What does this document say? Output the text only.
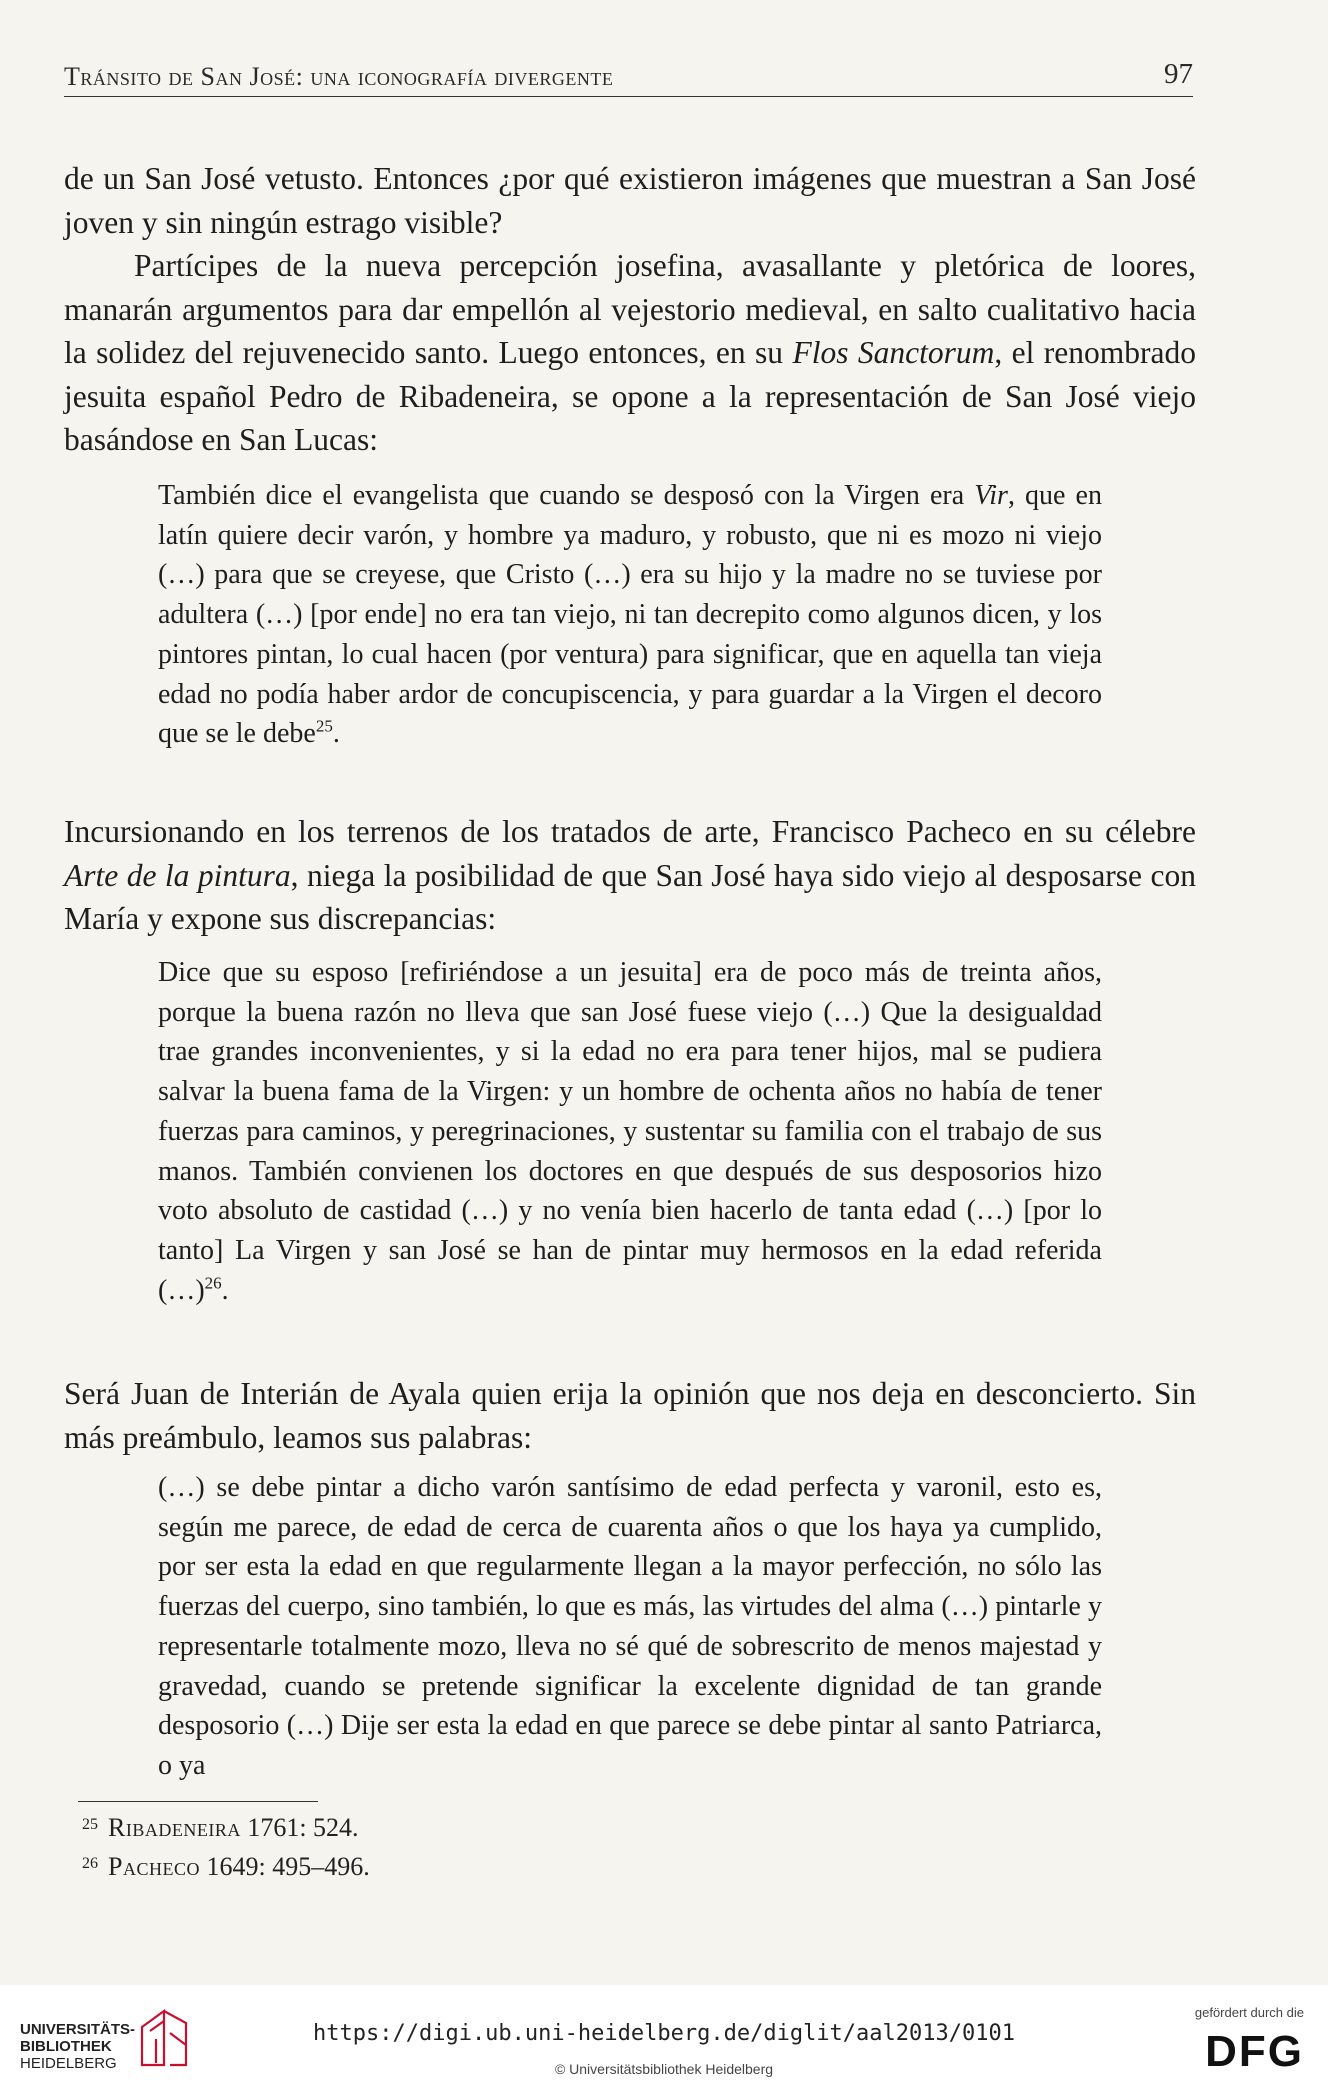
Tránsito de San José: una iconografía divergente	97

de un San José vetusto. Entonces ¿por qué existieron imágenes que muestran a San José joven y sin ningún estrago visible?

Partícipes de la nueva percepción josefina, avasallante y pletórica de loores, manarán argumentos para dar empellón al vejestorio medieval, en salto cualitativo hacia la solidez del rejuvenecido santo. Luego entonces, en su Flos Sanctorum, el renombrado jesuita español Pedro de Ribadeneira, se opone a la representación de San José viejo basándose en San Lucas:

También dice el evangelista que cuando se desposó con la Virgen era Vir, que en latín quiere decir varón, y hombre ya maduro, y robusto, que ni es mozo ni viejo (…) para que se creyese, que Cristo (…) era su hijo y la madre no se tuviese por adultera (…) [por ende] no era tan viejo, ni tan decrepito como algunos dicen, y los pintores pintan, lo cual hacen (por ventura) para significar, que en aquella tan vieja edad no podía haber ardor de concupiscencia, y para guardar a la Virgen el decoro que se le debe$^{25}$.

Incursionando en los terrenos de los tratados de arte, Francisco Pacheco en su célebre Arte de la pintura, niega la posibilidad de que San José haya sido viejo al desposarse con María y expone sus discrepancias:

Dice que su esposo [refiriéndose a un jesuita] era de poco más de treinta años, porque la buena razón no lleva que san José fuese viejo (…) Que la desigualdad trae grandes inconvenientes, y si la edad no era para tener hijos, mal se pudiera salvar la buena fama de la Virgen: y un hombre de ochenta años no había de tener fuerzas para caminos, y peregrinaciones, y sustentar su familia con el trabajo de sus manos. También convienen los doctores en que después de sus desposorios hizo voto absoluto de castidad (…) y no venía bien hacerlo de tanta edad (…) [por lo tanto] La Virgen y san José se han de pintar muy hermosos en la edad referida (…)$^{26}$.

Será Juan de Interián de Ayala quien erija la opinión que nos deja en desconcierto. Sin más preámbulo, leamos sus palabras:

(…) se debe pintar a dicho varón santísimo de edad perfecta y varonil, esto es, según me parece, de edad de cerca de cuarenta años o que los haya ya cumplido, por ser esta la edad en que regularmente llegan a la mayor perfección, no sólo las fuerzas del cuerpo, sino también, lo que es más, las virtudes del alma (…) pintarle y representarle totalmente mozo, lleva no sé qué de sobrescrito de menos majestad y gravedad, cuando se pretende significar la excelente dignidad de tan grande desposorio (…) Dije ser esta la edad en que parece se debe pintar al santo Patriarca, o ya

25 Ribadeneira 1761: 524.

26 Pacheco 1649: 495–496.

UNIVERSITÄTS-
BIBLIOTHEK
HEIDELBERG
https://digi.ub.uni-heidelberg.de/diglit/aal2013/0101
© Universitätsbibliothek Heidelberg
gefördert durch die
DFG
